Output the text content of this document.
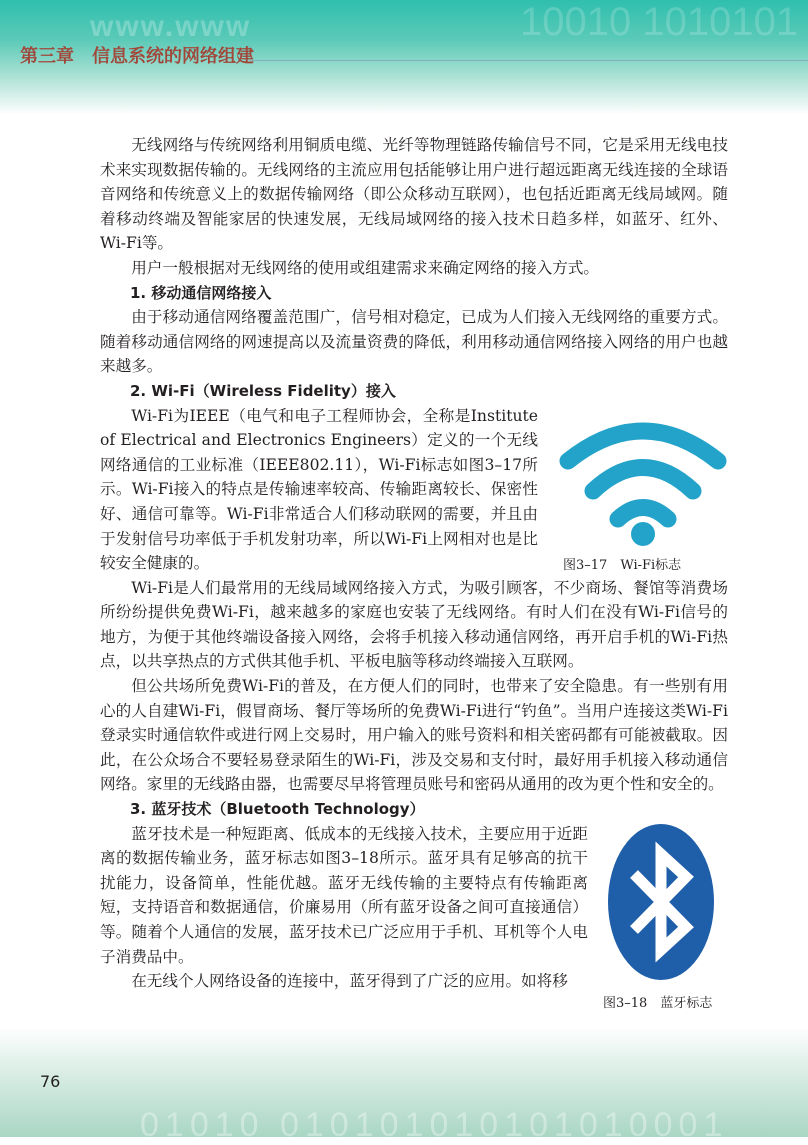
www.www	10010 1010101
第三章　信息系统的网络组建

无线网络与传统网络利用铜质电缆、光纤等物理链路传输信号不同，它是采用无线电技术来实现数据传输的。无线网络的主流应用包括能够让用户进行超远距离无线连接的全球语音网络和传统意义上的数据传输网络（即公众移动互联网），也包括近距离无线局域网。随着移动终端及智能家居的快速发展，无线局域网络的接入技术日趋多样，如蓝牙、红外、Wi-Fi等。

用户一般根据对无线网络的使用或组建需求来确定网络的接入方式。

1. 移动通信网络接入

由于移动通信网络覆盖范围广，信号相对稳定，已成为人们接入无线网络的重要方式。随着移动通信网络的网速提高以及流量资费的降低，利用移动通信网络接入网络的用户也越来越多。

2. Wi-Fi（Wireless Fidelity）接入

图3–17　Wi-Fi标志

Wi-Fi为IEEE（电气和电子工程师协会，全称是Institute of Electrical and Electronics Engineers）定义的一个无线网络通信的工业标准（IEEE802.11），Wi-Fi标志如图3–17所示。Wi-Fi接入的特点是传输速率较高、传输距离较长、保密性好、通信可靠等。Wi-Fi非常适合人们移动联网的需要，并且由于发射信号功率低于手机发射功率，所以Wi-Fi上网相对也是比较安全健康的。

Wi-Fi是人们最常用的无线局域网络接入方式，为吸引顾客，不少商场、餐馆等消费场所纷纷提供免费Wi-Fi，越来越多的家庭也安装了无线网络。有时人们在没有Wi-Fi信号的地方，为便于其他终端设备接入网络，会将手机接入移动通信网络，再开启手机的Wi-Fi热点，以共享热点的方式供其他手机、平板电脑等移动终端接入互联网。

但公共场所免费Wi-Fi的普及，在方便人们的同时，也带来了安全隐患。有一些别有用心的人自建Wi-Fi，假冒商场、餐厅等场所的免费Wi-Fi进行“钓鱼”。当用户连接这类Wi-Fi登录实时通信软件或进行网上交易时，用户输入的账号资料和相关密码都有可能被截取。因此，在公众场合不要轻易登录陌生的Wi-Fi，涉及交易和支付时，最好用手机接入移动通信网络。家里的无线路由器，也需要尽早将管理员账号和密码从通用的改为更个性和安全的。

3. 蓝牙技术（Bluetooth Technology）

图3–18　蓝牙标志

蓝牙技术是一种短距离、低成本的无线接入技术，主要应用于近距离的数据传输业务，蓝牙标志如图3–18所示。蓝牙具有足够高的抗干扰能力，设备简单，性能优越。蓝牙无线传输的主要特点有传输距离短，支持语音和数据通信，价廉易用（所有蓝牙设备之间可直接通信）等。随着个人通信的发展，蓝牙技术已广泛应用于手机、耳机等个人电子消费品中。

在无线个人网络设备的连接中，蓝牙得到了广泛的应用。如将移

01010 010101010101010001
76
